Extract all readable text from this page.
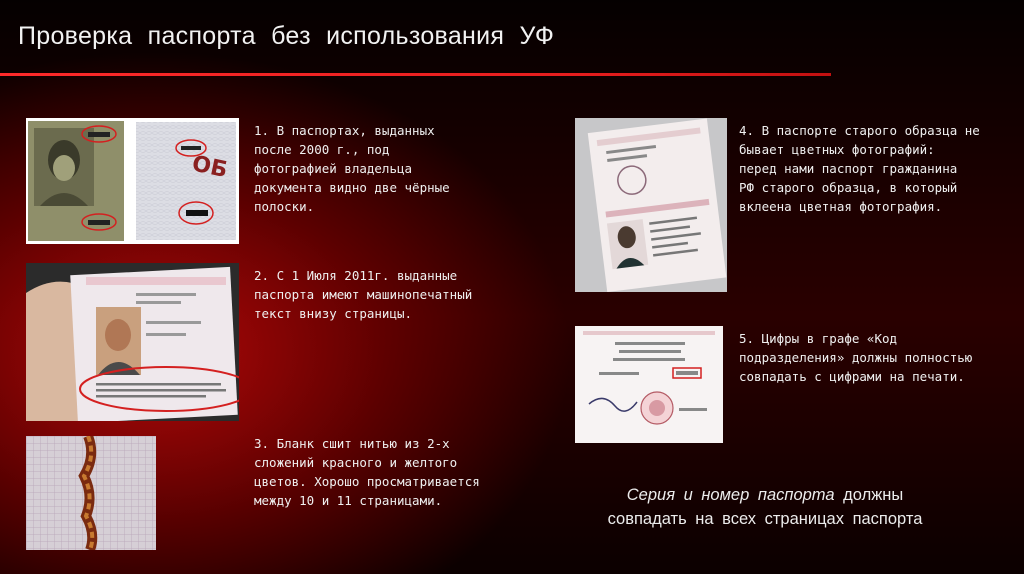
Проверка паспорта без использования УФ
ОБ
1. В паспортах, выданных
после 2000 г., под
фотографией владельца
документа видно две чёрные
полоски.
2. С 1 Июля 2011г. выданные
паспорта имеют машинопечатный
текст внизу страницы.
3. Бланк сшит нитью из 2-х
сложений красного и желтого
цветов. Хорошо просматривается
между 10 и 11 страницами.
4. В паспорте старого образца не
бывает цветных фотографий:
перед нами паспорт гражданина
РФ старого образца, в который
вклеена цветная фотография.
5. Цифры в графе «Код
подразделения» должны полностью
совпадать с цифрами на печати.
Серия и номер паспорта должны
совпадать на всех страницах паспорта
